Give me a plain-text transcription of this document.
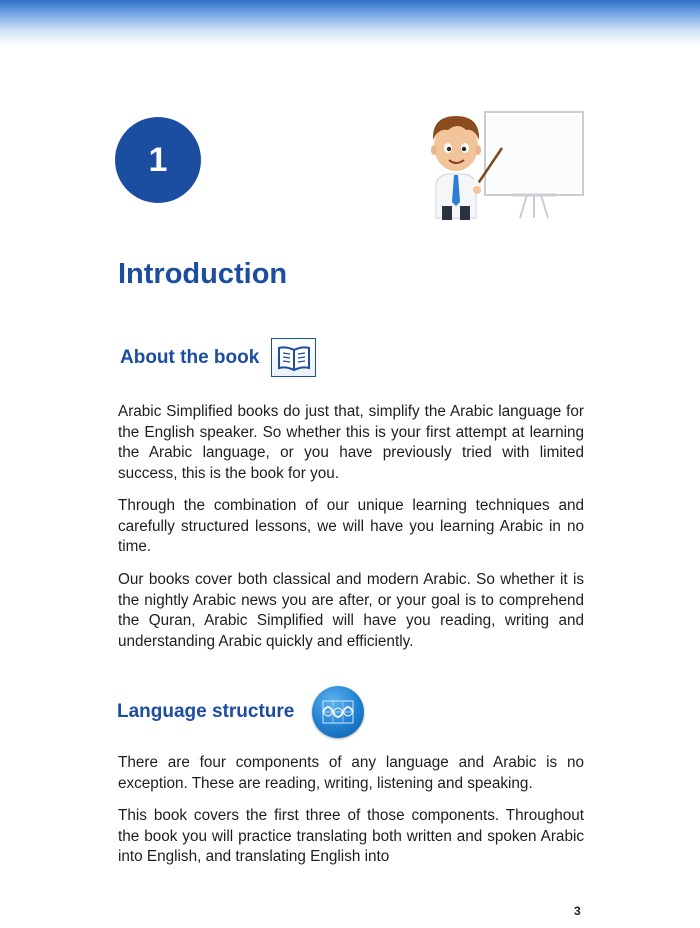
1
Introduction
About the book

Arabic Simplified books do just that, simplify the Arabic language for the English speaker. So whether this is your first attempt at learning the Arabic language, or you have previously tried with limited success, this is the book for you.

Through the combination of our unique learning techniques and carefully structured lessons, we will have you learning Arabic in no time.

Our books cover both classical and modern Arabic. So whether it is the nightly Arabic news you are after, or your goal is to comprehend the Quran, Arabic Simplified will have you reading, writing and understanding Arabic quickly and efficiently.

Language structure

There are four components of any language and Arabic is no exception. These are reading, writing, listening and speaking.

This book covers the first three of those components. Throughout the book you will practice translating both written and spoken Arabic into English, and translating English into

3
